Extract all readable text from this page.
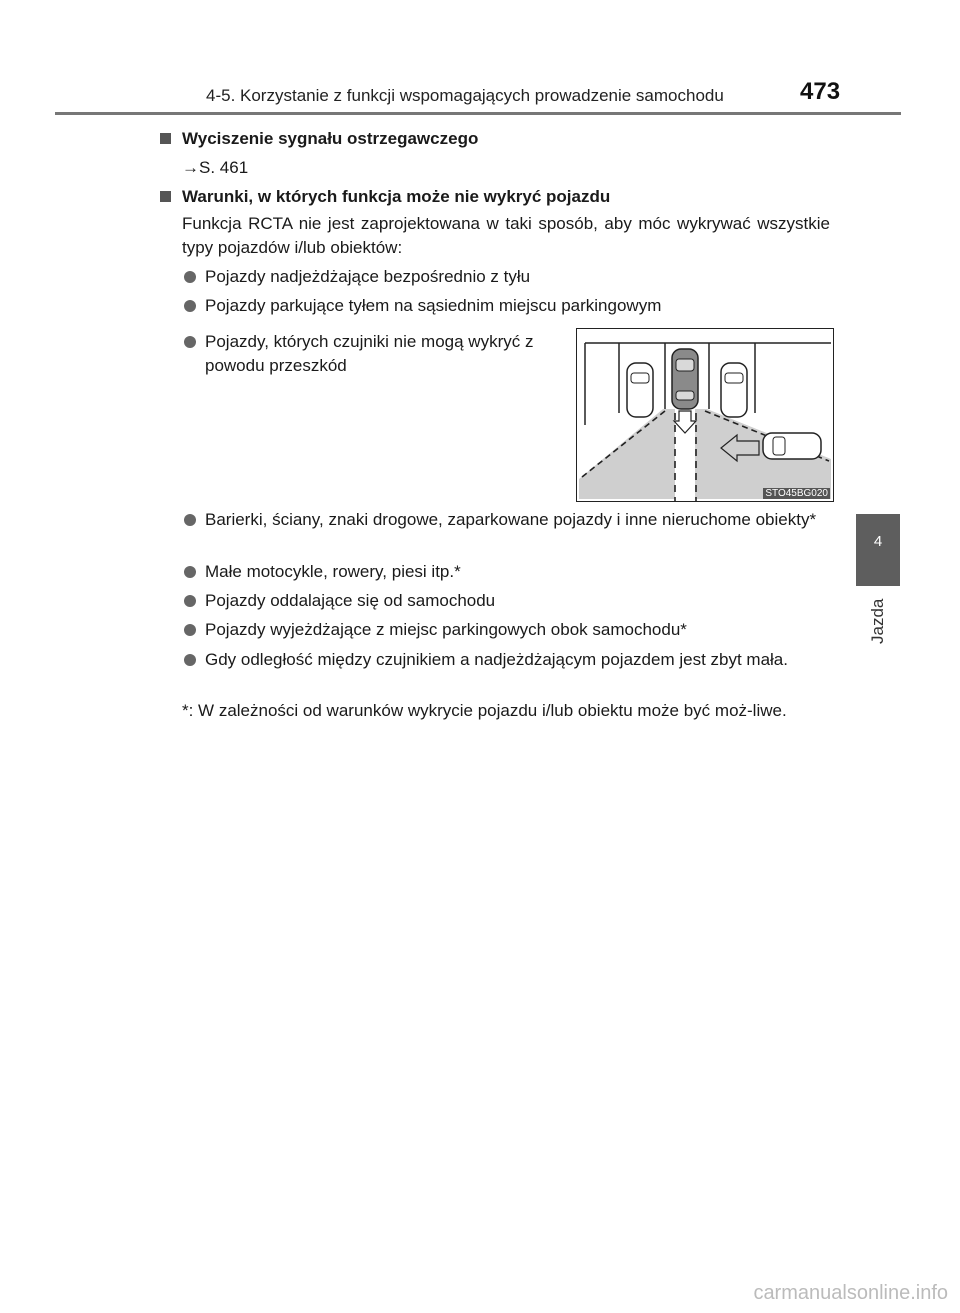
4-5. Korzystanie z funkcji wspomagających prowadzenie samochodu	473
4
Jazda
Wyciszenie sygnału ostrzegawczego
→S. 461
Warunki, w których funkcja może nie wykryć pojazdu
Funkcja RCTA nie jest zaprojektowana w taki sposób, aby móc wykrywać wszystkie typy pojazdów i/lub obiektów:
Pojazdy nadjeżdżające bezpośrednio z tyłu
Pojazdy parkujące tyłem na sąsiednim miejscu parkingowym
Pojazdy, których czujniki nie mogą wykryć z powodu przeszkód
STO45BG020
Barierki, ściany, znaki drogowe, zaparkowane pojazdy i inne nieruchome obiekty*
Małe motocykle, rowery, piesi itp.*
Pojazdy oddalające się od samochodu
Pojazdy wyjeżdżające z miejsc parkingowych obok samochodu*
Gdy odległość między czujnikiem a nadjeżdżającym pojazdem jest zbyt mała.
*: W zależności od warunków wykrycie pojazdu i/lub obiektu może być moż-liwe.
carmanualsonline.info
